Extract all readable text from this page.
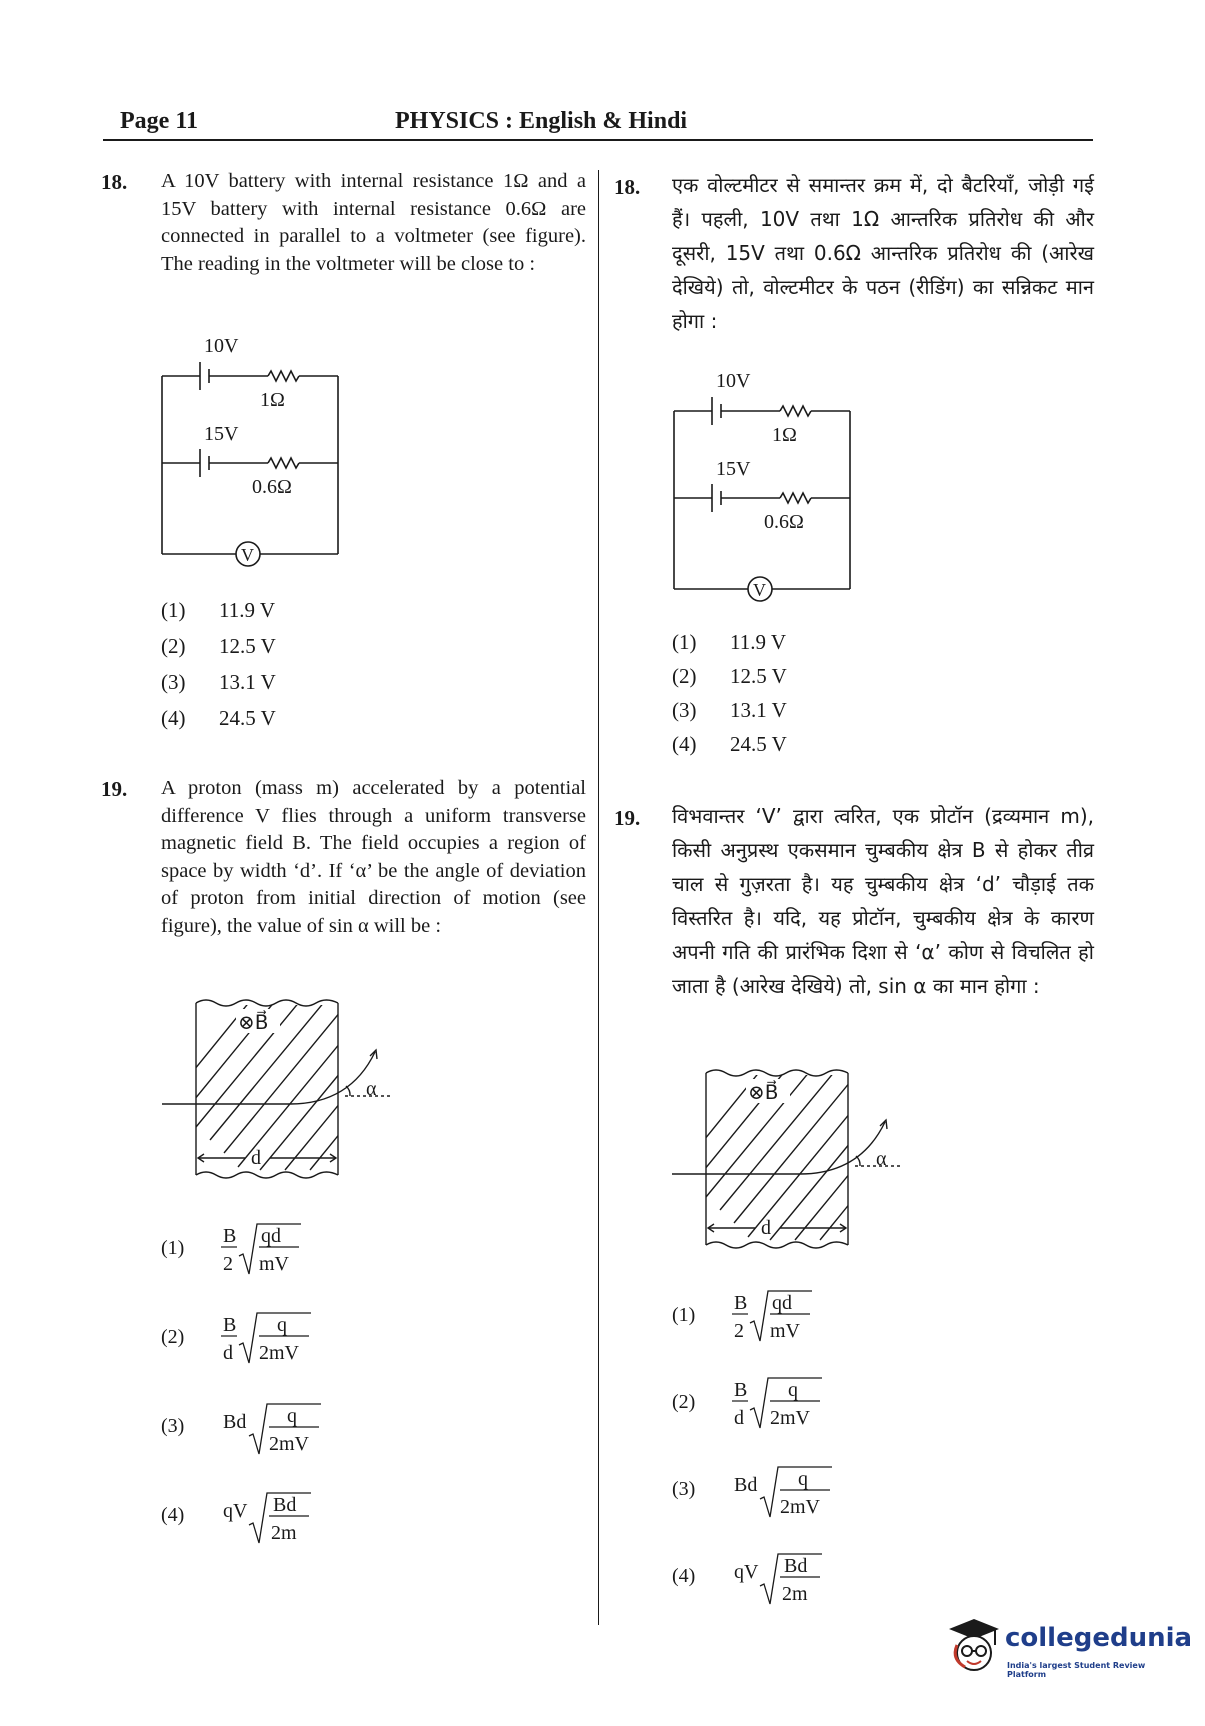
Page 11	PHYSICS : English & Hindi
18. A 10V battery with internal resistance 1Ω and a 15V battery with internal resistance 0.6Ω are connected in parallel to a voltmeter (see figure). The reading in the voltmeter will be close to :
10V
1Ω
15V
0.6Ω
V
(1) 11.9 V
(2) 12.5 V
(3) 13.1 V
(4) 24.5 V
19. A proton (mass m) accelerated by a potential difference V flies through a uniform transverse magnetic field B. The field occupies a region of space by width ‘d’. If ‘α’ be the angle of deviation of proton from initial direction of motion (see figure), the value of sin α will be :
⊗B⃗
α
d
(1)
B
2
qd
mV
(2)
B
d
q
2mV
(3) Bd q
2mV
(4) qV Bd
2m
18. एक वोल्टमीटर से समान्तर क्रम में, दो बैटरियाँ, जोड़ी गई हैं। पहली, 10V तथा 1Ω आन्तरिक प्रतिरोध की और दूसरी, 15V तथा 0.6Ω आन्तरिक प्रतिरोध की (आरेख देखिये) तो, वोल्टमीटर के पठन (रीडिंग) का सन्निकट मान होगा :
10V
1Ω
15V
0.6Ω
V
(1) 11.9 V
(2) 12.5 V
(3) 13.1 V
(4) 24.5 V
19. विभवान्तर ‘V’ द्वारा त्वरित, एक प्रोटॉन (द्रव्यमान m), किसी अनुप्रस्थ एकसमान चुम्बकीय क्षेत्र B से होकर तीव्र चाल से गुज़रता है। यह चुम्बकीय क्षेत्र ‘d’ चौड़ाई तक विस्तरित है। यदि, यह प्रोटॉन, चुम्बकीय क्षेत्र के कारण अपनी गति की प्रारंभिक दिशा से ‘α’ कोण से विचलित हो जाता है (आरेख देखिये) तो, sin α का मान होगा :
⊗B⃗
α
d
(1)
B
2
qd
mV
(2)
B
d
q
2mV
(3) Bd q
2mV
(4) qV Bd
2m
collegedunia
India's largest Student Review Platform
